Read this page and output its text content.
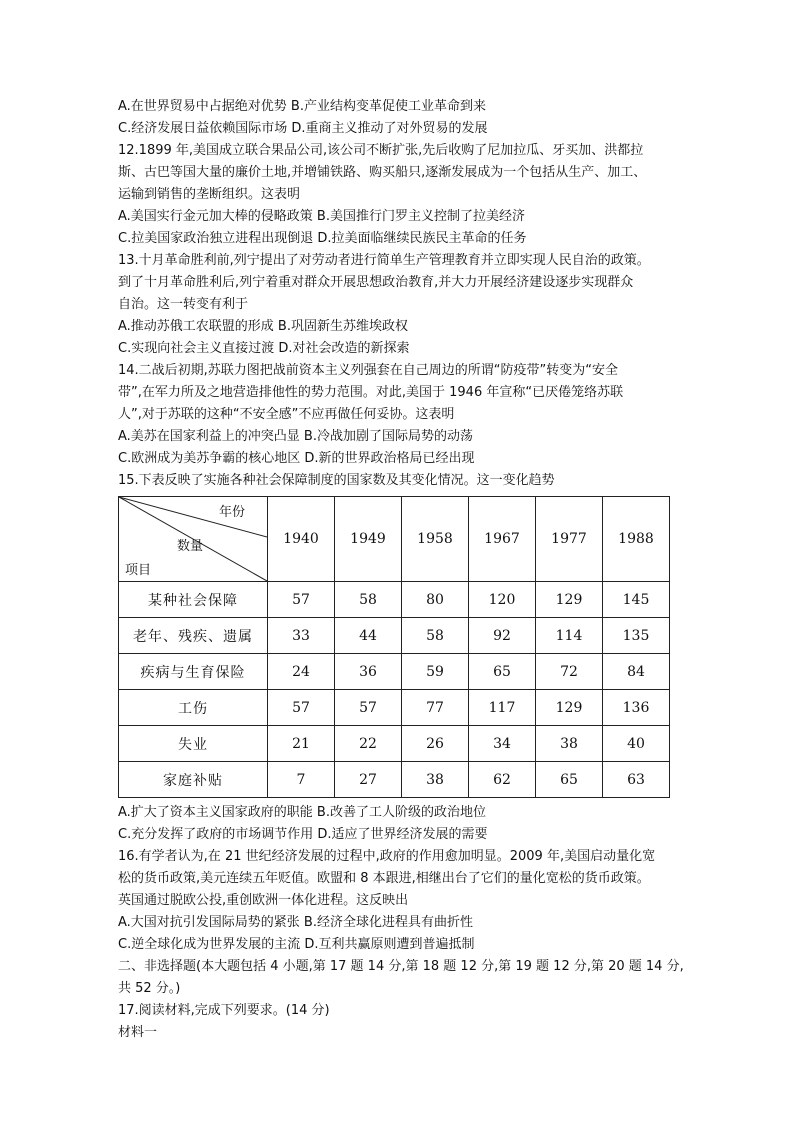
A.在世界贸易中占据绝对优势 B.产业结构变革促使工业革命到来
C.经济发展日益依赖国际市场 D.重商主义推动了对外贸易的发展
12.1899 年,美国成立联合果品公司,该公司不断扩张,先后收购了尼加拉瓜、牙买加、洪都拉
斯、古巴等国大量的廉价土地,并增铺铁路、购买船只,逐渐发展成为一个包括从生产、加工、
运输到销售的垄断组织。这表明
A.美国实行金元加大棒的侵略政策 B.美国推行门罗主义控制了拉美经济
C.拉美国家政治独立进程出现倒退 D.拉美面临继续民族民主革命的任务
13.十月革命胜利前,列宁提出了对劳动者进行简单生产管理教育并立即实现人民自治的政策。
到了十月革命胜利后,列宁着重对群众开展思想政治教育,并大力开展经济建设逐步实现群众
自治。这一转变有利于
A.推动苏俄工农联盟的形成 B.巩固新生苏维埃政权
C.实现向社会主义直接过渡 D.对社会改造的新探索
14.二战后初期,苏联力图把战前资本主义列强套在自己周边的所谓“防疫带”转变为“安全
带”,在军力所及之地营造排他性的势力范围。对此,美国于 1946 年宣称“已厌倦笼络苏联
人”,对于苏联的这种“不安全感”不应再做任何妥协。这表明
A.美苏在国家利益上的冲突凸显 B.冷战加剧了国际局势的动荡
C.欧洲成为美苏争霸的核心地区 D.新的世界政治格局已经出现
15.下表反映了实施各种社会保障制度的国家数及其变化情况。这一变化趋势
年份
数量
项目	1940	1949	1958	1967	1977	1988
某种社会保障	57	58	80	120	129	145
老年、残疾、遗属	33	44	58	92	114	135
疾病与生育保险	24	36	59	65	72	84
工伤	57	57	77	117	129	136
失业	21	22	26	34	38	40
家庭补贴	7	27	38	62	65	63
A.扩大了资本主义国家政府的职能 B.改善了工人阶级的政治地位
C.充分发挥了政府的市场调节作用 D.适应了世界经济发展的需要
16.有学者认为,在 21 世纪经济发展的过程中,政府的作用愈加明显。2009 年,美国启动量化宽
松的货币政策,美元连续五年贬值。欧盟和 8 本跟进,相继出台了它们的量化宽松的货币政策。
英国通过脱欧公投,重创欧洲一体化进程。这反映出
A.大国对抗引发国际局势的紧张 B.经济全球化进程具有曲折性
C.逆全球化成为世界发展的主流 D.互利共赢原则遭到普遍抵制
二、非选择题(本大题包括 4 小题,第 17 题 14 分,第 18 题 12 分,第 19 题 12 分,第 20 题 14 分,
共 52 分。)
17.阅读材料,完成下列要求。(14 分)
材料一
